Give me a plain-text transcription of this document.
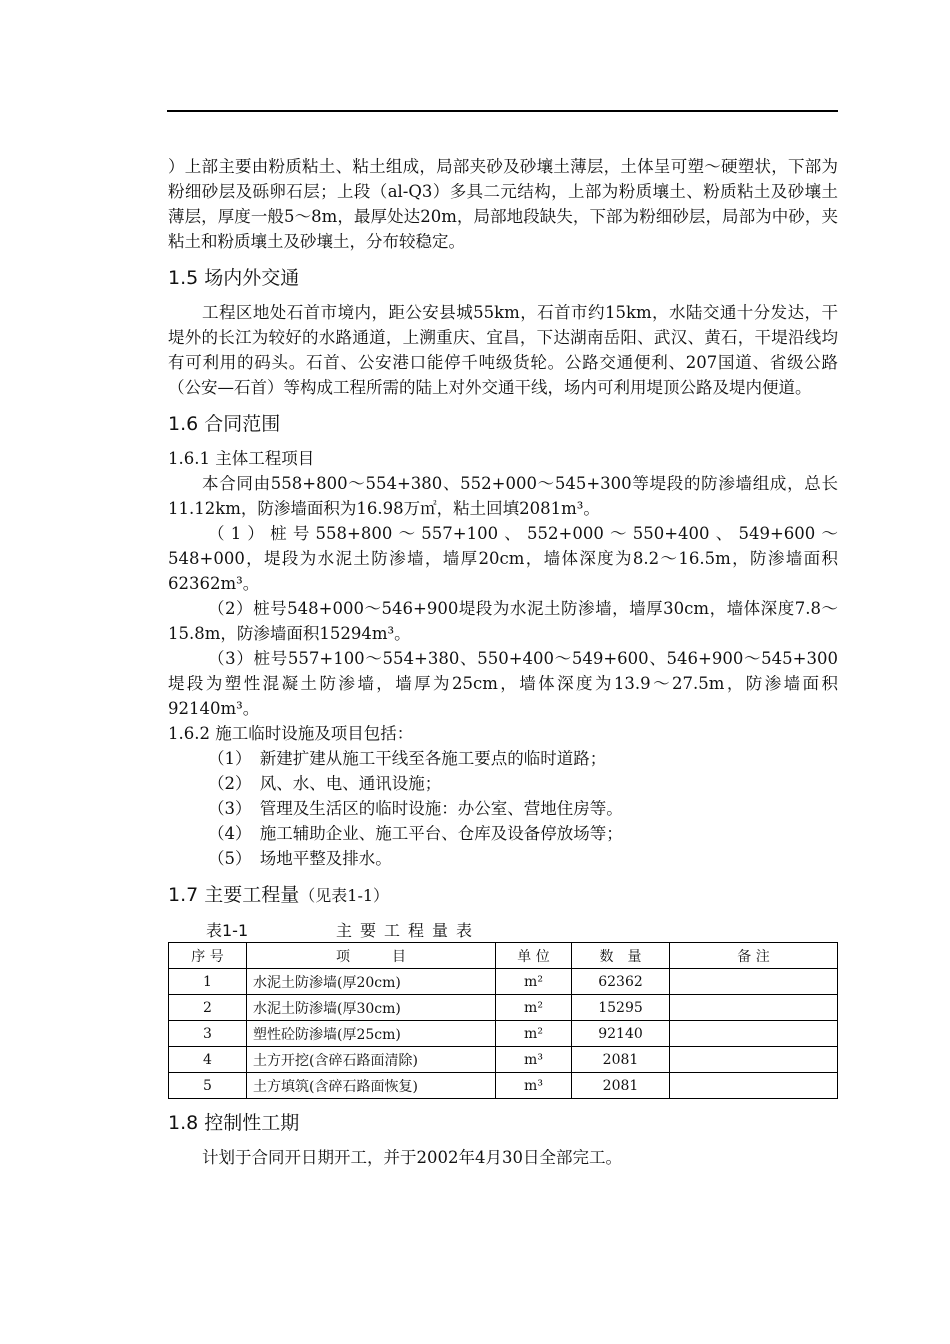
）上部主要由粉质粘土、粘土组成，局部夹砂及砂壤土薄层，土体呈可塑～硬塑状，下部为粉细砂层及砾卵石层；上段（al-Q3）多具二元结构，上部为粉质壤土、粉质粘土及砂壤土薄层，厚度一般5～8m，最厚处达20m，局部地段缺失，下部为粉细砂层，局部为中砂，夹粘土和粉质壤土及砂壤土，分布较稳定。

1.5 场内外交通

工程区地处石首市境内，距公安县城55km，石首市约15km，水陆交通十分发达，干堤外的长江为较好的水路通道，上溯重庆、宜昌，下达湖南岳阳、武汉、黄石，干堤沿线均有可利用的码头。石首、公安港口能停千吨级货轮。公路交通便利、207国道、省级公路（公安—石首）等构成工程所需的陆上对外交通干线，场内可利用堤顶公路及堤内便道。

1.6 合同范围

1.6.1 主体工程项目

本合同由558+800～554+380、552+000～545+300等堤段的防渗墙组成，总长11.12km，防渗墙面积为16.98万㎡，粘土回填2081m³。

（1）桩号558+800～557+100、552+000～550+400、549+600～548+000，堤段为水泥土防渗墙，墙厚20cm，墙体深度为8.2～16.5m，防渗墙面积62362m³。

（2）桩号548+000～546+900堤段为水泥土防渗墙，墙厚30cm，墙体深度7.8～15.8m，防渗墙面积15294m³。

（3）桩号557+100～554+380、550+400～549+600、546+900～545+300堤段为塑性混凝土防渗墙，墙厚为25cm，墙体深度为13.9～27.5m，防渗墙面积92140m³。

1.6.2 施工临时设施及项目包括：

（1）　新建扩建从施工干线至各施工要点的临时道路；

（2）　风、水、电、通讯设施；

（3）　管理及生活区的临时设施：办公室、营地住房等。

（4）　施工辅助企业、施工平台、仓库及设备停放场等；

（5）　场地平整及排水。

1.7 主要工程量（见表1-1）
表1-1	主要工程量表
序 号	项　　　目	单 位	数　量	备 注
1	水泥土防渗墙(厚20cm)	m²	62362	
2	水泥土防渗墙(厚30cm)	m²	15295	
3	塑性砼防渗墙(厚25cm)	m²	92140	
4	土方开挖(含碎石路面清除)	m³	2081	
5	土方填筑(含碎石路面恢复)	m³	2081	
1.8 控制性工期

计划于合同开日期开工，并于2002年4月30日全部完工。
